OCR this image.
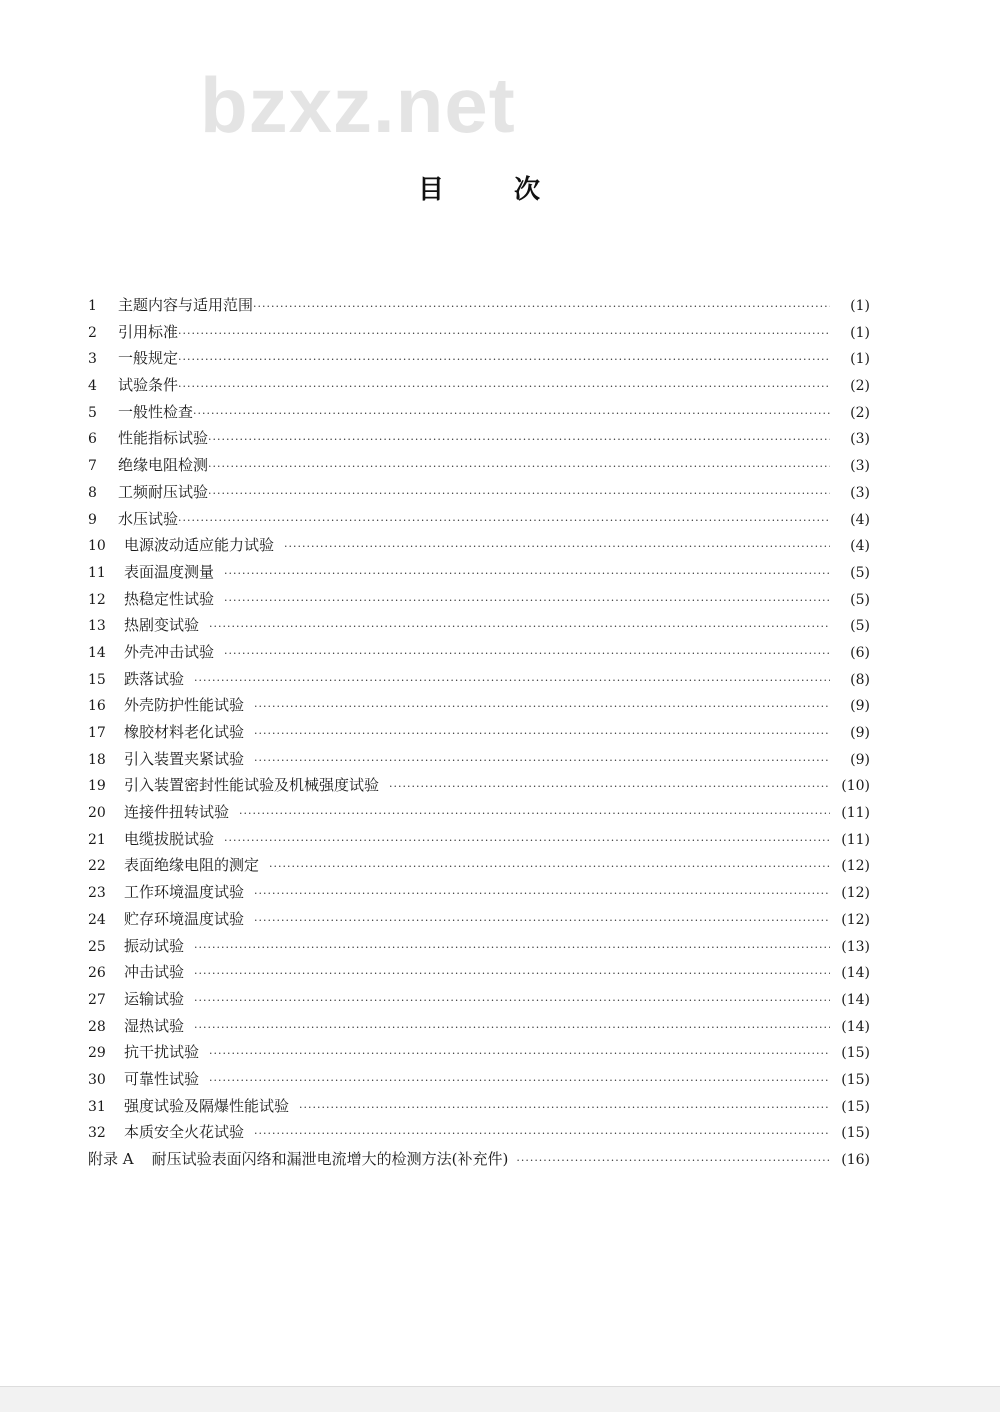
bzxz.net
目次
1	主题内容与适用范围 ·····	(1)
2	引用标准 ·····	(1)
3	一般规定 ·····	(1)
4	试验条件 ·····	(2)
5	一般性检查 ·····	(2)
6	性能指标试验 ·····	(3)
7	绝缘电阻检测 ·····	(3)
8	工频耐压试验 ·····	(3)
9	水压试验 ·····	(4)
10	电源波动适应能力试验 ·····	(4)
11	表面温度测量 ·····	(5)
12	热稳定性试验 ·····	(5)
13	热剧变试验 ·····	(5)
14	外壳冲击试验 ·····	(6)
15	跌落试验 ·····	(8)
16	外壳防护性能试验 ·····	(9)
17	橡胶材料老化试验 ·····	(9)
18	引入装置夹紧试验 ·····	(9)
19	引入装置密封性能试验及机械强度试验 ·····	(10)
20	连接件扭转试验 ·····	(11)
21	电缆拔脱试验 ·····	(11)
22	表面绝缘电阻的测定 ·····	(12)
23	工作环境温度试验 ·····	(12)
24	贮存环境温度试验 ·····	(12)
25	振动试验 ·····	(13)
26	冲击试验 ·····	(14)
27	运输试验 ·····	(14)
28	湿热试验 ·····	(14)
29	抗干扰试验 ·····	(15)
30	可靠性试验 ·····	(15)
31	强度试验及隔爆性能试验 ·····	(15)
32	本质安全火花试验 ·····	(15)
附录 A	耐压试验表面闪络和漏泄电流增大的检测方法(补充件) ·····	(16)
